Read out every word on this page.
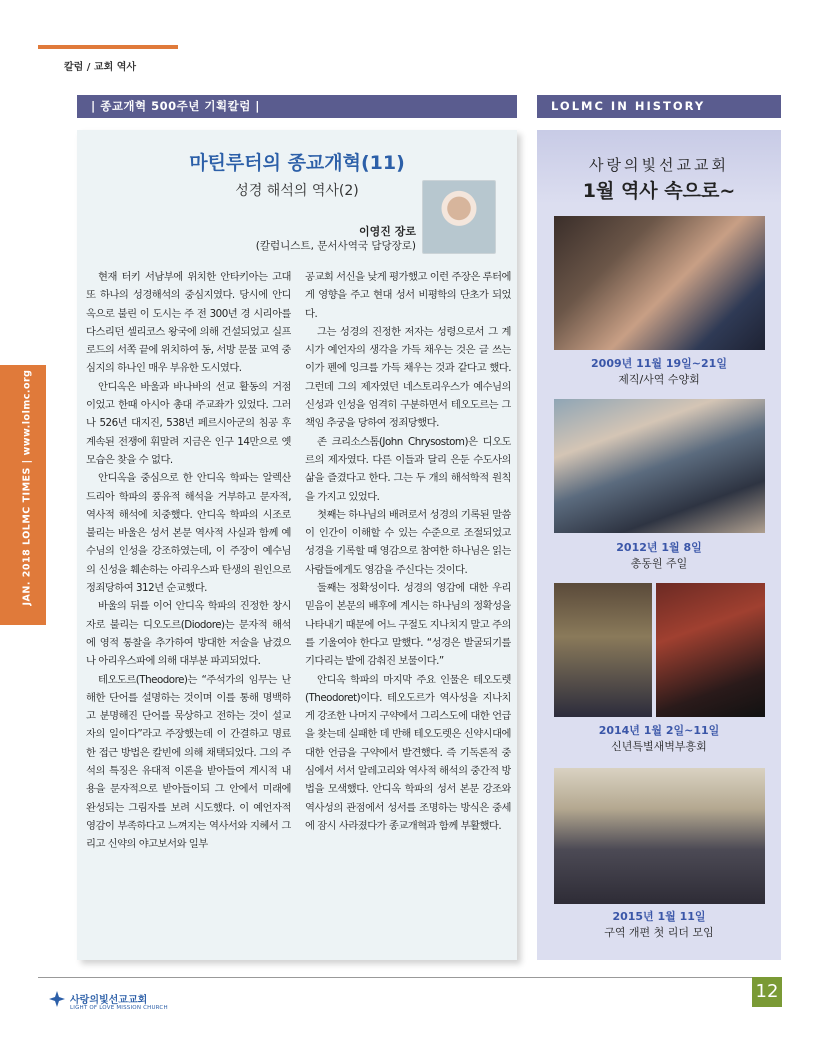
칼럼 / 교회 역사
| 종교개혁 500주년 기획칼럼 |	LOLMC IN HISTORY
JAN. 2018 LOLMC TIMES | www.lolmc.org
마틴루터의 종교개혁(11)
성경 해석의 역사(2)
이영진 장로
(칼럼니스트, 문서사역국 담당장로)

현재 터키 서남부에 위치한 안타키아는 고대 또 하나의 성경해석의 중심지였다. 당시에 안디옥으로 불린 이 도시는 주 전 300년 경 시리아를 다스리던 셀리코스 왕국에 의해 건설되었고 실프로드의 서쪽 끝에 위치하여 동, 서방 문물 교역 중심지의 하나인 매우 부유한 도시였다.

안디옥은 바울과 바나바의 선교 활동의 거점이었고 한때 아시아 총대 주교좌가 있었다. 그러나 526년 대지진, 538년 페르시아군의 침공 후 계속된 전쟁에 휘말려 지금은 인구 14만으로 옛 모습은 찾을 수 없다.

안디옥을 중심으로 한 안디옥 학파는 알렉산드리아 학파의 풍유적 해석을 거부하고 문자적, 역사적 해석에 치중했다. 안디옥 학파의 시조로 불리는 바울은 성서 본문 역사적 사실과 함께 예수님의 인성을 강조하였는데, 이 주장이 예수님의 신성을 훼손하는 아리우스파 탄생의 원인으로 정죄당하여 312년 순교했다.

바울의 뒤를 이어 안디옥 학파의 진정한 창시자로 불리는 디오도르(Diodore)는 문자적 해석에 영적 통찰을 추가하여 방대한 저술을 남겼으나 아리우스파에 의해 대부분 파괴되었다.

테오도르(Theodore)는 “주석가의 임무는 난해한 단어를 설명하는 것이며 이를 통해 명백하고 분명해진 단어를 묵상하고 전하는 것이 설교자의 일이다”라고 주장했는데 이 간결하고 명료한 접근 방법은 칼빈에 의해 채택되었다. 그의 주석의 특징은 유대적 이론을 받아들여 계시적 내용을 문자적으로 받아들이되 그 안에서 미래에 완성되는 그림자를 보려 시도했다. 이 예언자적 영감이 부족하다고 느껴지는 역사서와 지혜서 그리고 신약의 야고보서와 일부

공교회 서신을 낮게 평가했고 이런 주장은 루터에게 영향을 주고 현대 성서 비평학의 단초가 되었다.

그는 성경의 진정한 저자는 성령으로서 그 계시가 예언자의 생각을 가득 채우는 것은 글 쓰는 이가 펜에 잉크를 가득 채우는 것과 같다고 했다. 그런데 그의 제자였던 네스토리우스가 예수님의 신성과 인성을 엄격히 구분하면서 테오도르는 그 책임 추궁을 당하여 정죄당했다.

존 크리소스톰(John Chrysostom)은 디오도르의 제자였다. 다른 이들과 달리 은둔 수도사의 삶을 즐겼다고 한다. 그는 두 개의 해석학적 원칙을 가지고 있었다.

첫째는 하나님의 배려로서 성경의 기록된 말씀이 인간이 이해할 수 있는 수준으로 조절되었고 성경을 기록할 때 영감으로 참여한 하나님은 읽는 사람들에게도 영감을 주신다는 것이다.

둘째는 정확성이다. 성경의 영감에 대한 우리 믿음이 본문의 배후에 계시는 하나님의 정확성을 나타내기 때문에 어느 구절도 지나치지 말고 주의를 기울여야 한다고 말했다. “성경은 발굴되기를 기다리는 밭에 감춰진 보물이다.”

안디옥 학파의 마지막 주요 인물은 테오도렛(Theodoret)이다. 테오도르가 역사성을 지나치게 강조한 나머지 구약에서 그리스도에 대한 언급을 찾는데 실패한 데 반해 테오도렛은 신약시대에 대한 언급을 구약에서 발견했다. 즉 기독론적 중심에서 서서 알레고리와 역사적 해석의 중간적 방법을 모색했다. 안디옥 학파의 성서 본문 강조와 역사성의 관점에서 성서를 조명하는 방식은 중세에 잠시 사라졌다가 종교개혁과 함께 부활했다.

사랑의빛선교교회
1월 역사 속으로~
2009년 11월 19일~21일
제직/사역 수양회
2012년 1월 8일
총동원 주일
2014년 1월 2일~11일
신년특별새벽부흥회
2015년 1월 11일
구역 개편 첫 리더 모임
사랑의빛선교교회
LIGHT OF LOVE MISSION CHURCH
12
